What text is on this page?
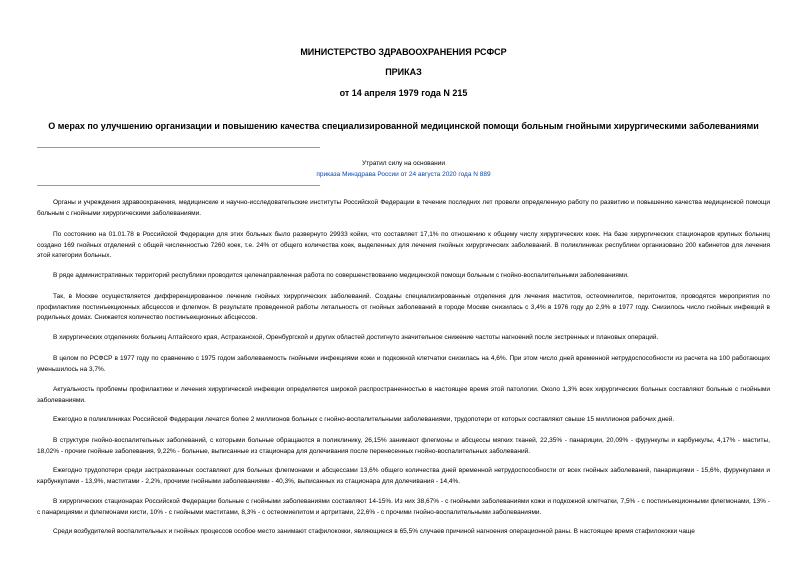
МИНИСТЕРСТВО ЗДРАВООХРАНЕНИЯ РСФСР
ПРИКАЗ
от 14 апреля 1979 года N 215
О мерах по улучшению организации и повышению качества специализированной медицинской помощи больным гнойными хирургическими заболеваниями
Утратил силу на основании
приказа Минздрава России от 24 августа 2020 года N 889

Органы и учреждения здравоохранения, медицинские и научно-исследовательские институты Российской Федерации в течение последних лет провели определенную работу по развитию и повышению качества медицинской помощи больным с гнойными хирургическими заболеваниями.

По состоянию на 01.01.78 в Российской Федерации для этих больных было развернуто 29933 койки, что составляет 17,1% по отношению к общему числу хирургических коек. На базе хирургических стационаров крупных больниц создано 169 гнойных отделений с общей численностью 7260 коек, т.е. 24% от общего количества коек, выделенных для лечения гнойных хирургических заболеваний. В поликлиниках республики организовано 200 кабинетов для лечения этой категории больных.

В ряде административных территорий республики проводится целенаправленная работа по совершенствованию медицинской помощи больным с гнойно-воспалительными заболеваниями.

Так, в Москве осуществляется дифференцированное лечение гнойных хирургических заболеваний. Созданы специализированные отделения для лечения маститов, остеомиелитов, перитонитов, проводятся мероприятия по профилактике постинъекционных абсцессов и флегмон. В результате проведенной работы летальность от гнойных заболеваний в городе Москве снизилась с 3,4% в 1976 году до 2,9% в 1977 году. Снизилось число гнойных инфекций в родильных домах. Снижается количество постинъекционных абсцессов.

В хирургических отделениях больниц Алтайского края, Астраханской, Оренбургской и других областей достигнуто значительное снижение частоты нагноений после экстренных и плановых операций.

В целом по РСФСР в 1977 году по сравнению с 1975 годом заболеваемость гнойными инфекциями кожи и подкожной клетчатки снизилась на 4,6%. При этом число дней временной нетрудоспособности из расчета на 100 работающих уменьшилось на 3,7%.

Актуальность проблемы профилактики и лечения хирургической инфекции определяется широкой распространенностью в настоящее время этой патологии. Около 1,3% всех хирургических больных составляют больные с гнойными заболеваниями.

Ежегодно в поликлиниках Российской Федерации лечатся более 2 миллионов больных с гнойно-воспалительными заболеваниями, трудопотери от которых составляют свыше 15 миллионов рабочих дней.

В структуре гнойно-воспалительных заболеваний, с которыми больные обращаются в поликлинику, 26,15% занимают флегмоны и абсцессы мягких тканей, 22,35% - панариции, 20,09% - фурункулы и карбункулы, 4,17% - маститы, 18,02% - прочие гнойные заболевания, 9,22% - больные, выписанные из стационара для долечивания после перенесенных гнойно-воспалительных заболеваний.

Ежегодно трудопотери среди застрахованных составляют для больных флегмонами и абсцессами 13,6% общего количества дней временной нетрудоспособности от всех гнойных заболеваний, панарициями - 15,6%, фурункулами и карбункулами - 13,9%, маститами - 2,2%, прочими гнойными заболеваниями - 40,3%, выписанных из стационара для долечивания - 14,4%.

В хирургических стационарах Российской Федерации больные с гнойными заболеваниями составляют 14-15%. Из них 38,67% - с гнойными заболеваниями кожи и подкожной клетчатки, 7,5% - с постинъекционными флегмонами, 13% - с панарициями и флегмонами кисти, 10% - с гнойными маститами, 8,3% - с остеомиелитом и артритами, 22,6% - с прочими гнойно-воспалительными заболеваниями.

Среди возбудителей воспалительных и гнойных процессов особое место занимают стафилококки, являющиеся в 65,5% случаев причиной нагноения операционной раны. В настоящее время стафилококки чаще
